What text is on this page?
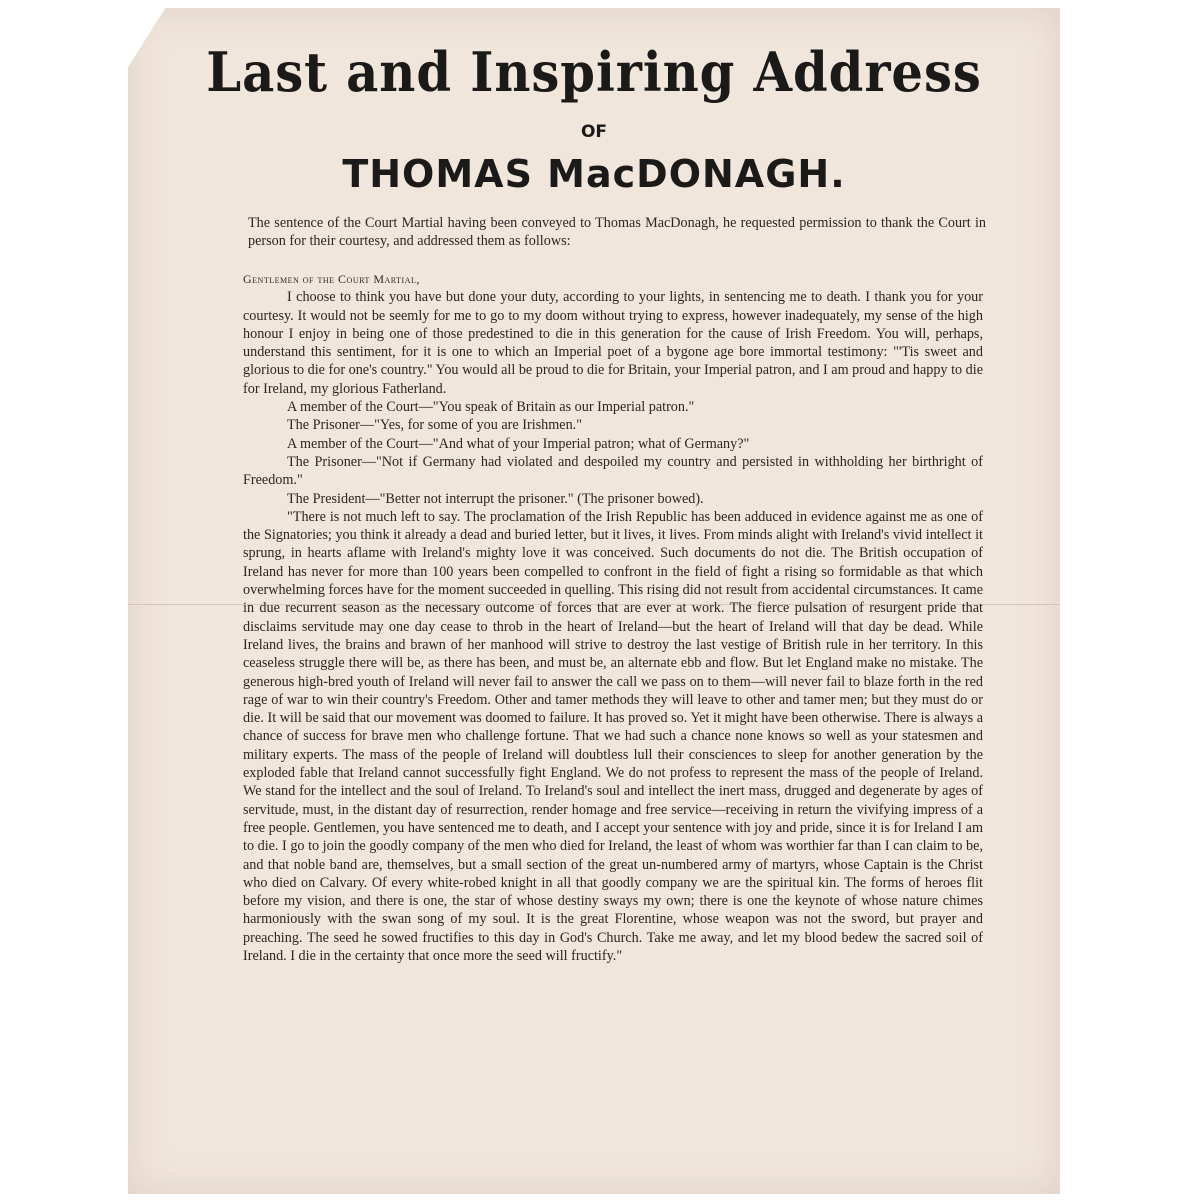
Last and Inspiring Address
OF
THOMAS MacDONAGH.

The sentence of the Court Martial having been conveyed to Thomas MacDonagh, he requested permission to thank the Court in person for their courtesy, and addressed them as follows:

Gentlemen of the Court Martial,

I choose to think you have but done your duty, according to your lights, in sentencing me to death. I thank you for your courtesy. It would not be seemly for me to go to my doom without trying to express, however inadequately, my sense of the high honour I enjoy in being one of those predestined to die in this generation for the cause of Irish Freedom. You will, perhaps, understand this sentiment, for it is one to which an Imperial poet of a bygone age bore immortal testimony: "'Tis sweet and glorious to die for one's country." You would all be proud to die for Britain, your Imperial patron, and I am proud and happy to die for Ireland, my glorious Fatherland.

A member of the Court—"You speak of Britain as our Imperial patron."

The Prisoner—"Yes, for some of you are Irishmen."

A member of the Court—"And what of your Imperial patron; what of Germany?"

The Prisoner—"Not if Germany had violated and despoiled my country and persisted in withholding her birthright of Freedom."

The President—"Better not interrupt the prisoner." (The prisoner bowed).

"There is not much left to say. The proclamation of the Irish Republic has been adduced in evidence against me as one of the Signatories; you think it already a dead and buried letter, but it lives, it lives. From minds alight with Ireland's vivid intellect it sprung, in hearts aflame with Ireland's mighty love it was conceived. Such documents do not die. The British occupation of Ireland has never for more than 100 years been compelled to confront in the field of fight a rising so formidable as that which overwhelming forces have for the moment succeeded in quelling. This rising did not result from accidental circumstances. It came in due recurrent season as the necessary outcome of forces that are ever at work. The fierce pulsation of resurgent pride that disclaims servitude may one day cease to throb in the heart of Ireland—but the heart of Ireland will that day be dead. While Ireland lives, the brains and brawn of her manhood will strive to destroy the last vestige of British rule in her territory. In this ceaseless struggle there will be, as there has been, and must be, an alternate ebb and flow. But let England make no mistake. The generous high-bred youth of Ireland will never fail to answer the call we pass on to them—will never fail to blaze forth in the red rage of war to win their country's Freedom. Other and tamer methods they will leave to other and tamer men; but they must do or die. It will be said that our movement was doomed to failure. It has proved so. Yet it might have been otherwise. There is always a chance of success for brave men who challenge fortune. That we had such a chance none knows so well as your statesmen and military experts. The mass of the people of Ireland will doubtless lull their consciences to sleep for another generation by the exploded fable that Ireland cannot successfully fight England. We do not profess to represent the mass of the people of Ireland. We stand for the intellect and the soul of Ireland. To Ireland's soul and intellect the inert mass, drugged and degenerate by ages of servitude, must, in the distant day of resurrection, render homage and free service—receiving in return the vivifying impress of a free people. Gentlemen, you have sentenced me to death, and I accept your sentence with joy and pride, since it is for Ireland I am to die. I go to join the goodly company of the men who died for Ireland, the least of whom was worthier far than I can claim to be, and that noble band are, themselves, but a small section of the great un-numbered army of martyrs, whose Captain is the Christ who died on Calvary. Of every white-robed knight in all that goodly company we are the spiritual kin. The forms of heroes flit before my vision, and there is one, the star of whose destiny sways my own; there is one the keynote of whose nature chimes harmoniously with the swan song of my soul. It is the great Florentine, whose weapon was not the sword, but prayer and preaching. The seed he sowed fructifies to this day in God's Church. Take me away, and let my blood bedew the sacred soil of Ireland. I die in the certainty that once more the seed will fructify."
